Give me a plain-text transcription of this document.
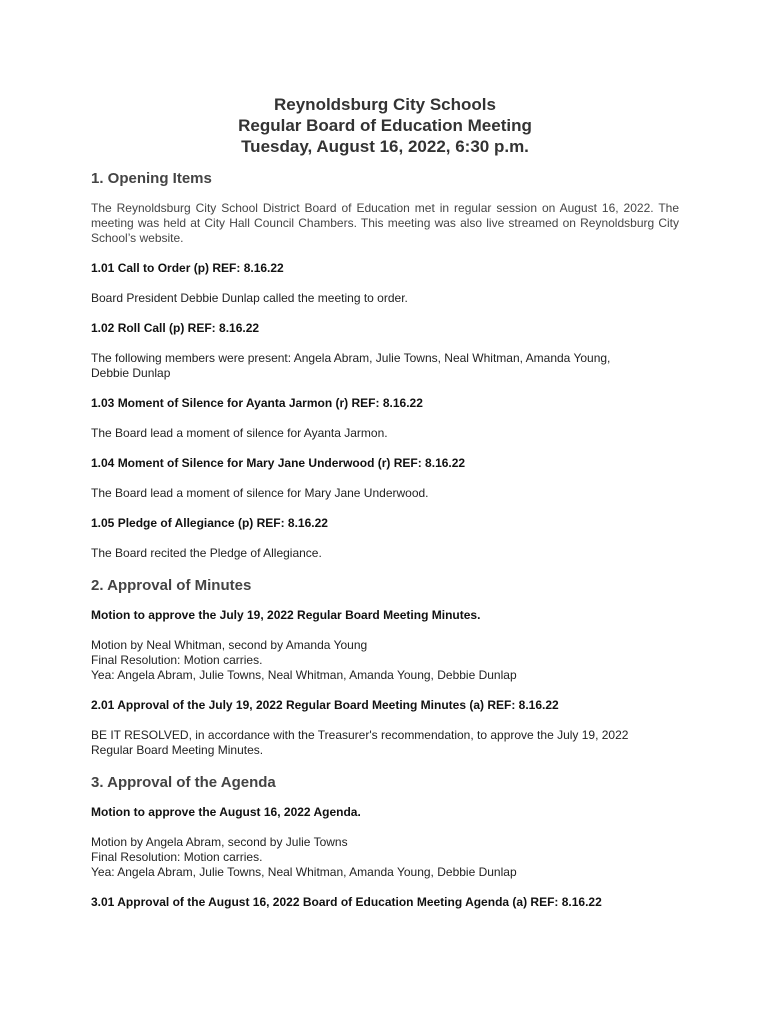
Reynoldsburg City Schools
Regular Board of Education Meeting
Tuesday, August 16, 2022, 6:30 p.m.
1. Opening Items

The Reynoldsburg City School District Board of Education met in regular session on August 16, 2022. The meeting was held at City Hall Council Chambers. This meeting was also live streamed on Reynoldsburg City School’s website.

1.01 Call to Order (p) REF: 8.16.22

Board President Debbie Dunlap called the meeting to order.

1.02 Roll Call (p) REF: 8.16.22

The following members were present: Angela Abram, Julie Towns, Neal Whitman, Amanda Young,
Debbie Dunlap

1.03 Moment of Silence for Ayanta Jarmon (r) REF: 8.16.22

The Board lead a moment of silence for Ayanta Jarmon.

1.04 Moment of Silence for Mary Jane Underwood (r) REF: 8.16.22

The Board lead a moment of silence for Mary Jane Underwood.

1.05 Pledge of Allegiance (p) REF: 8.16.22

The Board recited the Pledge of Allegiance.

2. Approval of Minutes

Motion to approve the July 19, 2022 Regular Board Meeting Minutes.

Motion by Neal Whitman, second by Amanda Young
Final Resolution: Motion carries.
Yea: Angela Abram, Julie Towns, Neal Whitman, Amanda Young, Debbie Dunlap

2.01 Approval of the July 19, 2022 Regular Board Meeting Minutes (a) REF: 8.16.22

BE IT RESOLVED, in accordance with the Treasurer's recommendation, to approve the July 19, 2022
Regular Board Meeting Minutes.

3. Approval of the Agenda

Motion to approve the August 16, 2022 Agenda.

Motion by Angela Abram, second by Julie Towns
Final Resolution: Motion carries.
Yea: Angela Abram, Julie Towns, Neal Whitman, Amanda Young, Debbie Dunlap

3.01 Approval of the August 16, 2022 Board of Education Meeting Agenda (a) REF: 8.16.22
